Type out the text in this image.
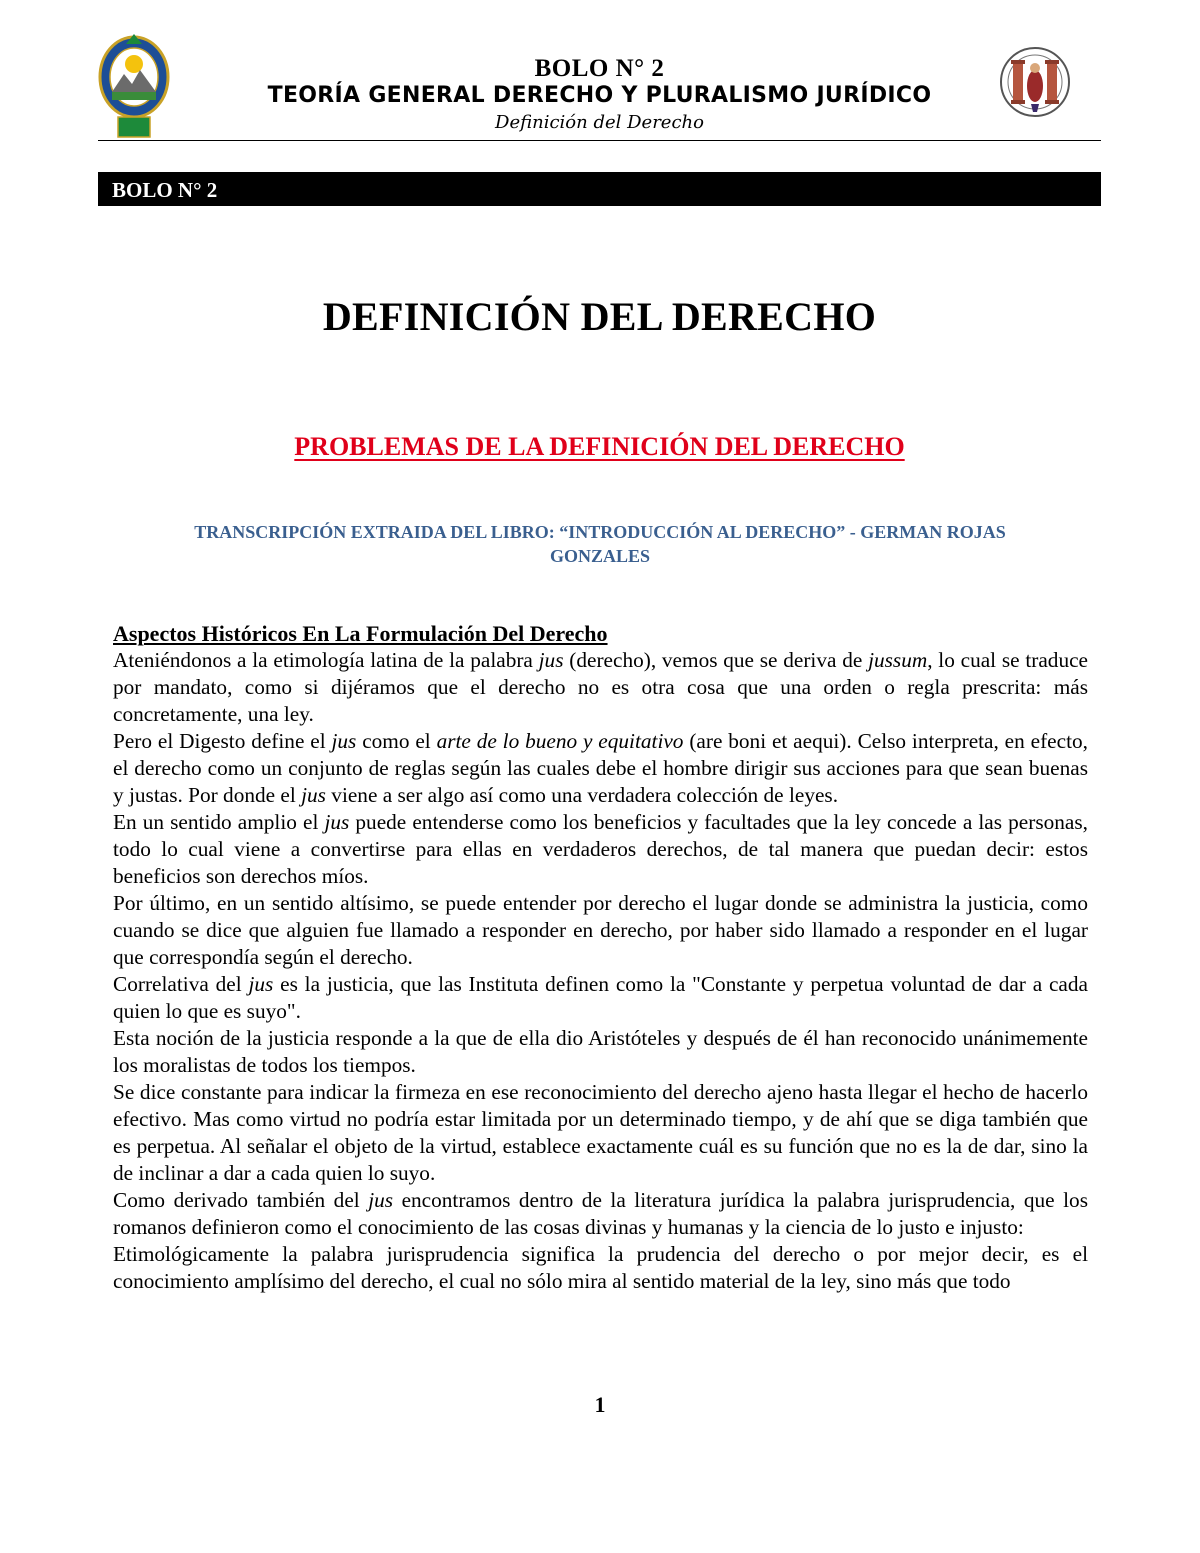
BOLO N° 2
TEORÍA GENERAL DERECHO Y PLURALISMO JURÍDICO
Definición del Derecho
BOLO N° 2
DEFINICIÓN DEL DERECHO
PROBLEMAS DE LA DEFINICIÓN DEL DERECHO
TRANSCRIPCIÓN EXTRAIDA DEL LIBRO: “INTRODUCCIÓN AL DERECHO” - GERMAN ROJAS
GONZALES
Aspectos Históricos En La Formulación Del Derecho

Ateniéndonos a la etimología latina de la palabra jus (derecho), vemos que se deriva de jussum, lo cual se traduce por mandato, como si dijéramos que el derecho no es otra cosa que una orden o regla prescrita: más concretamente, una ley.

Pero el Digesto define el jus como el arte de lo bueno y equitativo (are boni et aequi). Celso interpreta, en efecto, el derecho como un conjunto de reglas según las cuales debe el hombre dirigir sus acciones para que sean buenas y justas. Por donde el jus viene a ser algo así como una verdadera colección de leyes.

En un sentido amplio el jus puede entenderse como los beneficios y facultades que la ley concede a las personas, todo lo cual viene a convertirse para ellas en verdaderos derechos, de tal manera que puedan decir: estos beneficios son derechos míos.

Por último, en un sentido altísimo, se puede entender por derecho el lugar donde se administra la justicia, como cuando se dice que alguien fue llamado a responder en derecho, por haber sido llamado a responder en el lugar que correspondía según el derecho.

Correlativa del jus es la justicia, que las Instituta definen como la "Constante y perpetua voluntad de dar a cada quien lo que es suyo".

Esta noción de la justicia responde a la que de ella dio Aristóteles y después de él han reconocido unánimemente los moralistas de todos los tiempos.

Se dice constante para indicar la firmeza en ese reconocimiento del derecho ajeno hasta llegar el hecho de hacerlo efectivo. Mas como virtud no podría estar limitada por un determinado tiempo, y de ahí que se diga también que es perpetua. Al señalar el objeto de la virtud, establece exactamente cuál es su función que no es la de dar, sino la de inclinar a dar a cada quien lo suyo.

Como derivado también del jus encontramos dentro de la literatura jurídica la palabra jurisprudencia, que los romanos definieron como el conocimiento de las cosas divinas y humanas y la ciencia de lo justo e injusto:

Etimológicamente la palabra jurisprudencia significa la prudencia del derecho o por mejor decir, es el conocimiento amplísimo del derecho, el cual no sólo mira al sentido material de la ley, sino más que todo

1
